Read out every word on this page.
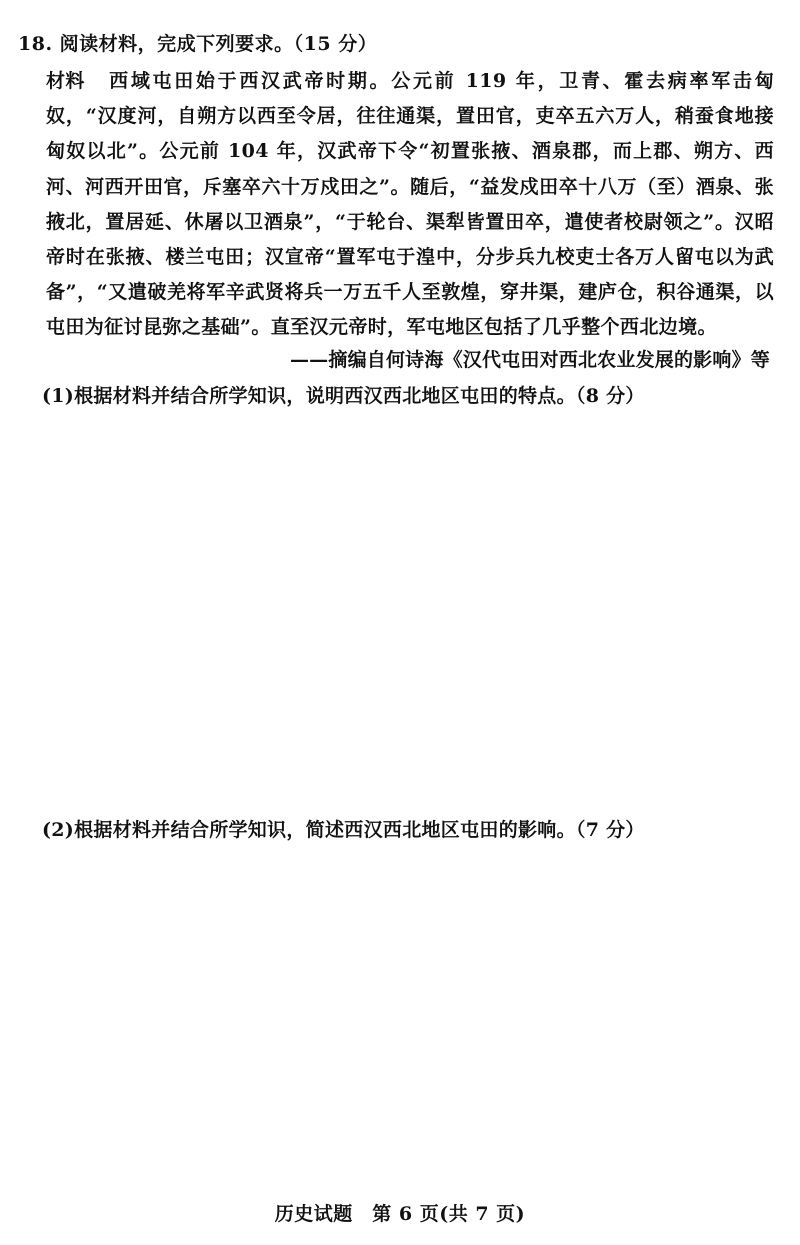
18. 阅读材料，完成下列要求。（15 分）
材料 西域屯田始于西汉武帝时期。公元前 119 年，卫青、霍去病率军击匈奴，“汉度河，自朔方以西至令居，往往通渠，置田官，吏卒五六万人，稍蚕食地接匈奴以北”。公元前 104 年，汉武帝下令“初置张掖、酒泉郡，而上郡、朔方、西河、河西开田官，斥塞卒六十万戍田之”。随后，“益发戍田卒十八万（至）酒泉、张掖北，置居延、休屠以卫酒泉”，“于轮台、渠犁皆置田卒，遣使者校尉领之”。汉昭帝时在张掖、楼兰屯田；汉宣帝“置军屯于湟中，分步兵九校吏士各万人留屯以为武备”，“又遣破羌将军辛武贤将兵一万五千人至敦煌，穿井渠，建庐仓，积谷通渠，以屯田为征讨昆弥之基础”。直至汉元帝时，军屯地区包括了几乎整个西北边境。
——摘编自何诗海《汉代屯田对西北农业发展的影响》等
(1)根据材料并结合所学知识，说明西汉西北地区屯田的特点。（8 分）
(2)根据材料并结合所学知识，简述西汉西北地区屯田的影响。（7 分）
历史试题　第 6 页(共 7 页)
